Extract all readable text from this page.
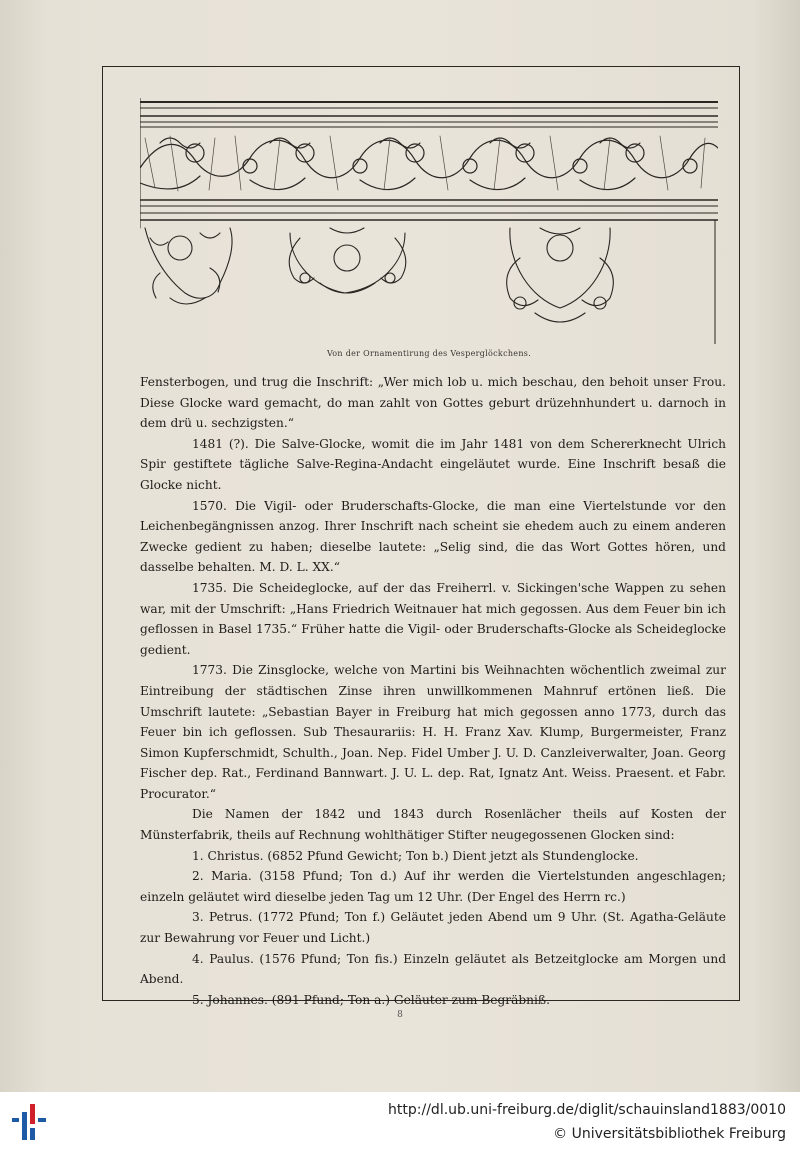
Von der Ornamentirung des Vesperglöckchens.

Fensterbogen, und trug die Inschrift: „Wer mich lob u. mich beschau, den behoit unser Frou. Diese Glocke ward gemacht, do man zahlt von Gottes geburt drüzehnhundert u. darnoch in dem drü u. sechzigsten.“

1481 (?). Die Salve-Glocke, womit die im Jahr 1481 von dem Schererknecht Ulrich Spir gestiftete tägliche Salve-Regina-Andacht eingeläutet wurde. Eine Inschrift besaß die Glocke nicht.

1570. Die Vigil- oder Bruderschafts-Glocke, die man eine Viertelstunde vor den Leichenbegängnissen anzog. Ihrer Inschrift nach scheint sie ehedem auch zu einem anderen Zwecke gedient zu haben; dieselbe lautete: „Selig sind, die das Wort Gottes hören, und dasselbe behalten. M. D. L. XX.“

1735. Die Scheideglocke, auf der das Freiherrl. v. Sickingen'sche Wappen zu sehen war, mit der Umschrift: „Hans Friedrich Weitnauer hat mich gegossen. Aus dem Feuer bin ich geflossen in Basel 1735.“ Früher hatte die Vigil- oder Bruderschafts-Glocke als Scheideglocke gedient.

1773. Die Zinsglocke, welche von Martini bis Weihnachten wöchentlich zweimal zur Eintreibung der städtischen Zinse ihren unwillkommenen Mahnruf ertönen ließ. Die Umschrift lautete: „Sebastian Bayer in Freiburg hat mich gegossen anno 1773, durch das Feuer bin ich geflossen. Sub Thesaurariis: H. H. Franz Xav. Klump, Burgermeister, Franz Simon Kupferschmidt, Schulth., Joan. Nep. Fidel Umber J. U. D. Canzleiverwalter, Joan. Georg Fischer dep. Rat., Ferdinand Bannwart. J. U. L. dep. Rat, Ignatz Ant. Weiss. Praesent. et Fabr. Procurator.“

Die Namen der 1842 und 1843 durch Rosenlächer theils auf Kosten der Münsterfabrik, theils auf Rechnung wohlthätiger Stifter neugegossenen Glocken sind:

1. Christus. (6852 Pfund Gewicht; Ton b.) Dient jetzt als Stundenglocke.

2. Maria. (3158 Pfund; Ton d.) Auf ihr werden die Viertelstunden angeschlagen; einzeln geläutet wird dieselbe jeden Tag um 12 Uhr. (Der Engel des Herrn rc.)

3. Petrus. (1772 Pfund; Ton f.) Geläutet jeden Abend um 9 Uhr. (St. Agatha-Geläute zur Bewahrung vor Feuer und Licht.)

4. Paulus. (1576 Pfund; Ton fis.) Einzeln geläutet als Betzeitglocke am Morgen und Abend.

5. Johannes. (891 Pfund; Ton a.) Geläuter zum Begräbniß.

8
http://dl.ub.uni-freiburg.de/diglit/schauinsland1883/0010
© Universitätsbibliothek Freiburg
